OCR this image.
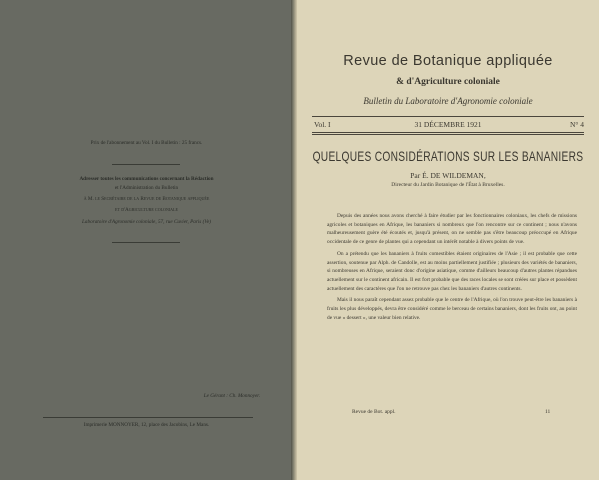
Prix de l'abonnement au Vol. I du Bulletin : 25 francs.
Adresser toutes les communications concernant la Rédaction
et l'Administration du Bulletin
à M. le Secrétaire de la Revue de Botanique appliquée
et d'Agriculture coloniale
Laboratoire d'Agronomie coloniale, 57, rue Cuvier, Paris (Ve)
Le Gérant : Ch. Monnoyer.
Imprimerie MONNOYER, 12, place des Jacobins, Le Mans.
Revue de Botanique appliquée
& d'Agriculture coloniale
Bulletin du Laboratoire d'Agronomie coloniale
Vol. I	31 DÉCEMBRE 1921	N° 4
QUELQUES CONSIDÉRATIONS SUR LES BANANIERS
Par É. DE WILDEMAN,
Directeur du Jardin Botanique de l'État à Bruxelles.

Depuis des années nous avons cherché à faire étudier par les fonctionnaires coloniaux, les chefs de missions agricoles et botaniques en Afrique, les bananiers si nombreux que l'on rencontre sur ce continent ; nous n'avons malheureusement guère été écoutés et, jusqu'à présent, on ne semble pas s'être beaucoup préoccupé en Afrique occidentale de ce genre de plantes qui a cependant un intérêt notable à divers points de vue.

On a prétendu que les bananiers à fruits comestibles étaient originaires de l'Asie ; il est probable que cette assertion, soutenue par Alph. de Candolle, est au moins partiellement justifiée ; plusieurs des variétés de bananiers, si nombreuses en Afrique, seraient donc d'origine asiatique, comme d'ailleurs beaucoup d'autres plantes répandues actuellement sur le continent africain. Il est fort probable que des races locales se sont créées sur place et possèdent actuellement des caractères que l'on ne retrouve pas chez les bananiers d'autres continents.

Mais il nous paraît cependant assez probable que le centre de l'Afrique, où l'on trouve peut-être les bananiers à fruits les plus développés, devra être considéré comme le berceau de certains bananiers, dont les fruits ont, au point de vue « dessert », une valeur bien relative.

Revue de Bot. appl.	11
